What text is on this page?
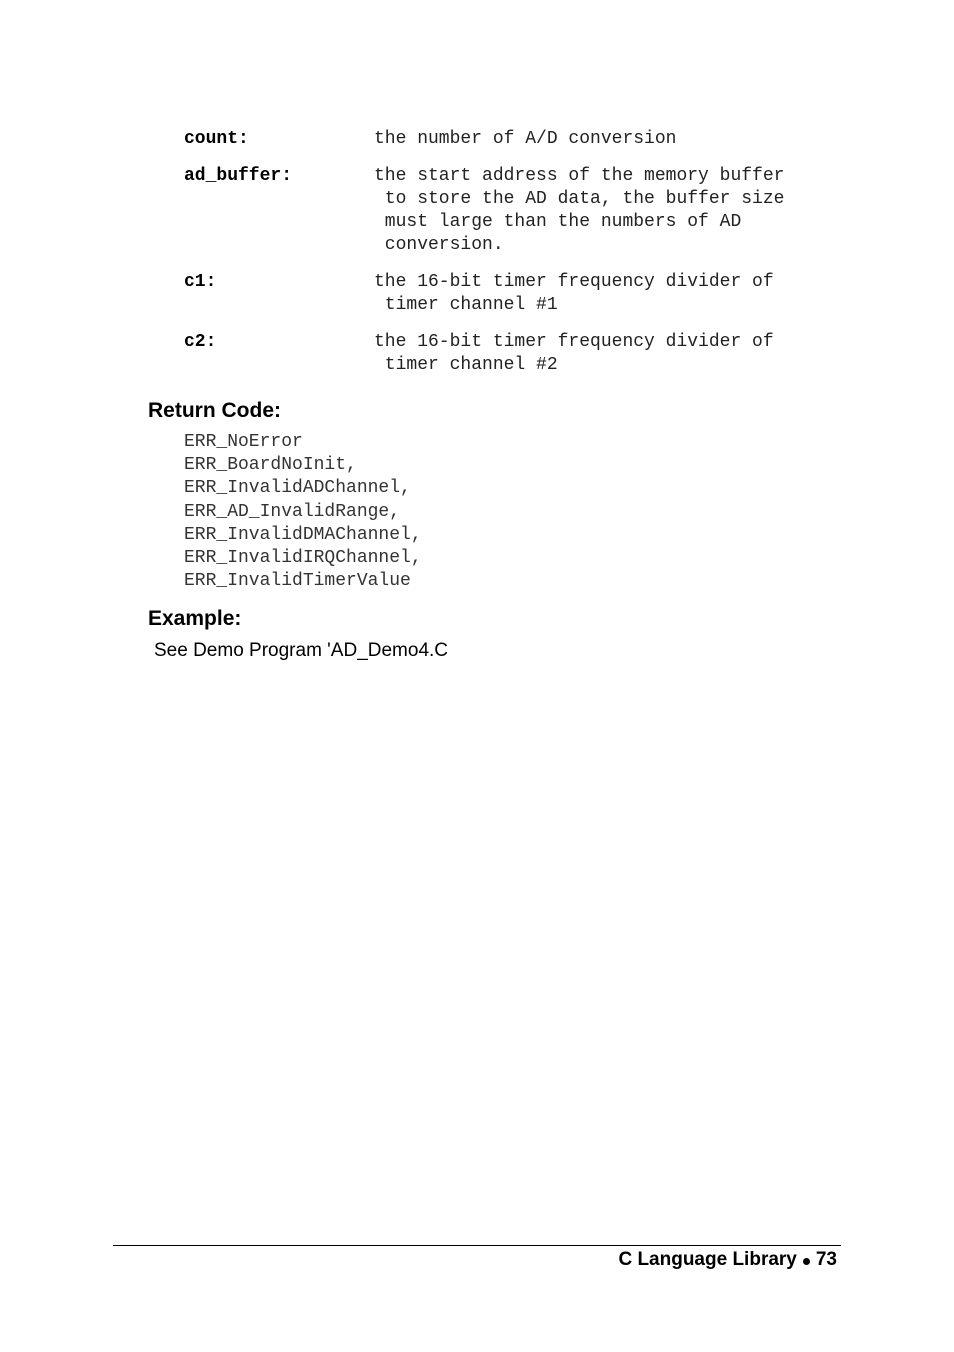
count:	the number of A/D conversion
ad_buffer:	the start address of the memory buffer
to store the AD data, the buffer size
must large than the numbers of AD
conversion.
c1:	the 16-bit timer frequency divider of
timer channel #1
c2:	the 16-bit timer frequency divider of
timer channel #2
Return Code:
ERR_NoError
ERR_BoardNoInit,
ERR_InvalidADChannel,
ERR_AD_InvalidRange,
ERR_InvalidDMAChannel,
ERR_InvalidIRQChannel,
ERR_InvalidTimerValue
Example:
See Demo Program 'AD_Demo4.C
C Language Library 73
